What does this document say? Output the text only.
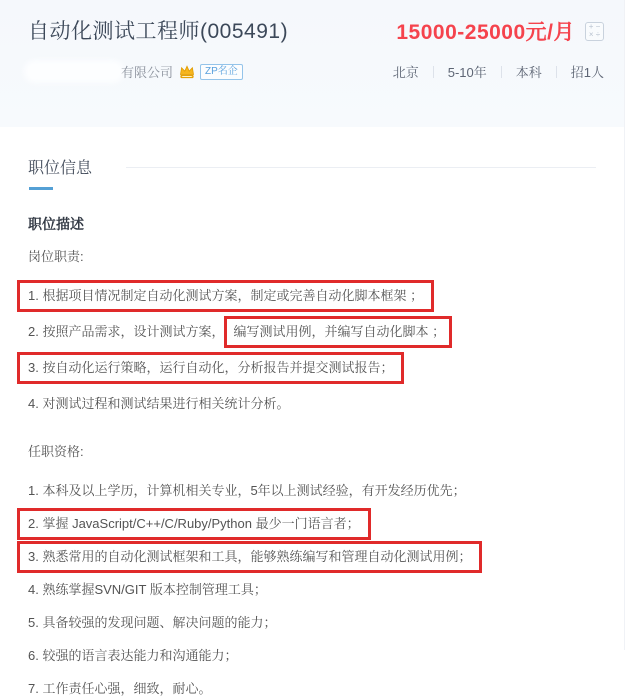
自动化测试工程师(005491)	15000-25000元/月 + −
× ÷
有限公司	ZP名企	北京 5-10年 本科 招1人
职位信息
职位描述

岗位职责:

1. 根据项目情况制定自动化测试方案，制定或完善自动化脚本框架 ；
2. 按照产品需求，设计测试方案， 编写测试用例，并编写自动化脚本 ；
3. 按自动化运行策略，运行自动化，分析报告并提交测试报告；
4. 对测试过程和测试结果进行相关统计分析。

任职资格:

1. 本科及以上学历，计算机相关专业，5年以上测试经验，有开发经历优先；
2. 掌握 JavaScript/C++/C/Ruby/Python 最少一门语言者；
3. 熟悉常用的自动化测试框架和工具，能够熟练编写和管理自动化测试用例；
4. 熟练掌握SVN/GIT 版本控制管理工具；
5. 具备较强的发现问题、解决问题的能力；
6. 较强的语言表达能力和沟通能力；
7. 工作责任心强，细致，耐心。
